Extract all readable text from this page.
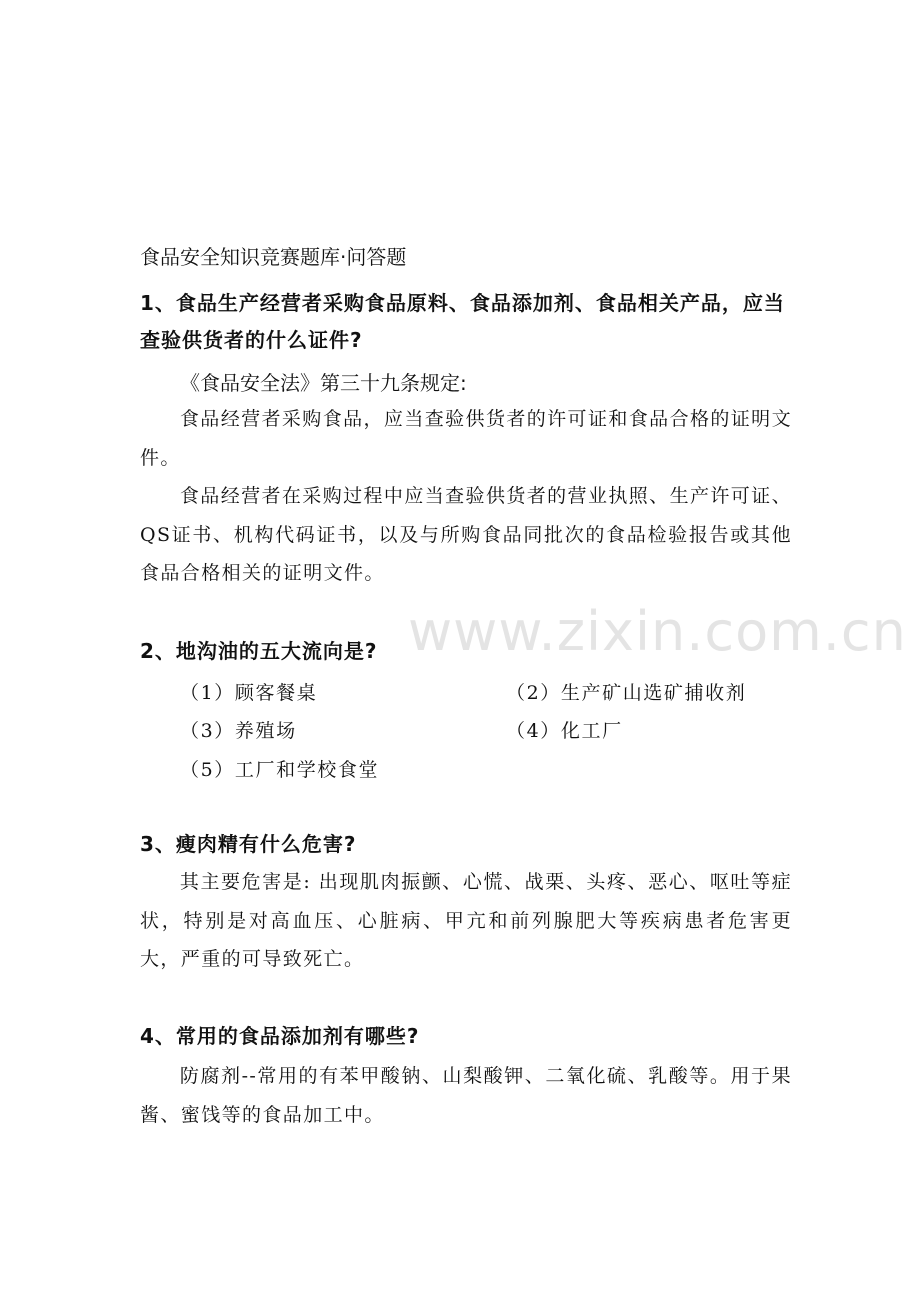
www.zixin.com.cn
食品安全知识竞赛题库·问答题
1、食品生产经营者采购食品原料、食品添加剂、食品相关产品，应当查验供货者的什么证件?
《食品安全法》第三十九条规定:
食品经营者采购食品，应当查验供货者的许可证和食品合格的证明文件。
食品经营者在采购过程中应当查验供货者的营业执照、生产许可证、QS证书、机构代码证书，以及与所购食品同批次的食品检验报告或其他食品合格相关的证明文件。
2、地沟油的五大流向是?
（1）顾客餐桌	（2）生产矿山选矿捕收剂
（3）养殖场	（4）化工厂
（5）工厂和学校食堂
3、瘦肉精有什么危害?
其主要危害是: 出现肌肉振颤、心慌、战栗、头疼、恶心、呕吐等症状，特别是对高血压、心脏病、甲亢和前列腺肥大等疾病患者危害更大，严重的可导致死亡。
4、常用的食品添加剂有哪些?
防腐剂--常用的有苯甲酸钠、山梨酸钾、二氧化硫、乳酸等。用于果酱、蜜饯等的食品加工中。
